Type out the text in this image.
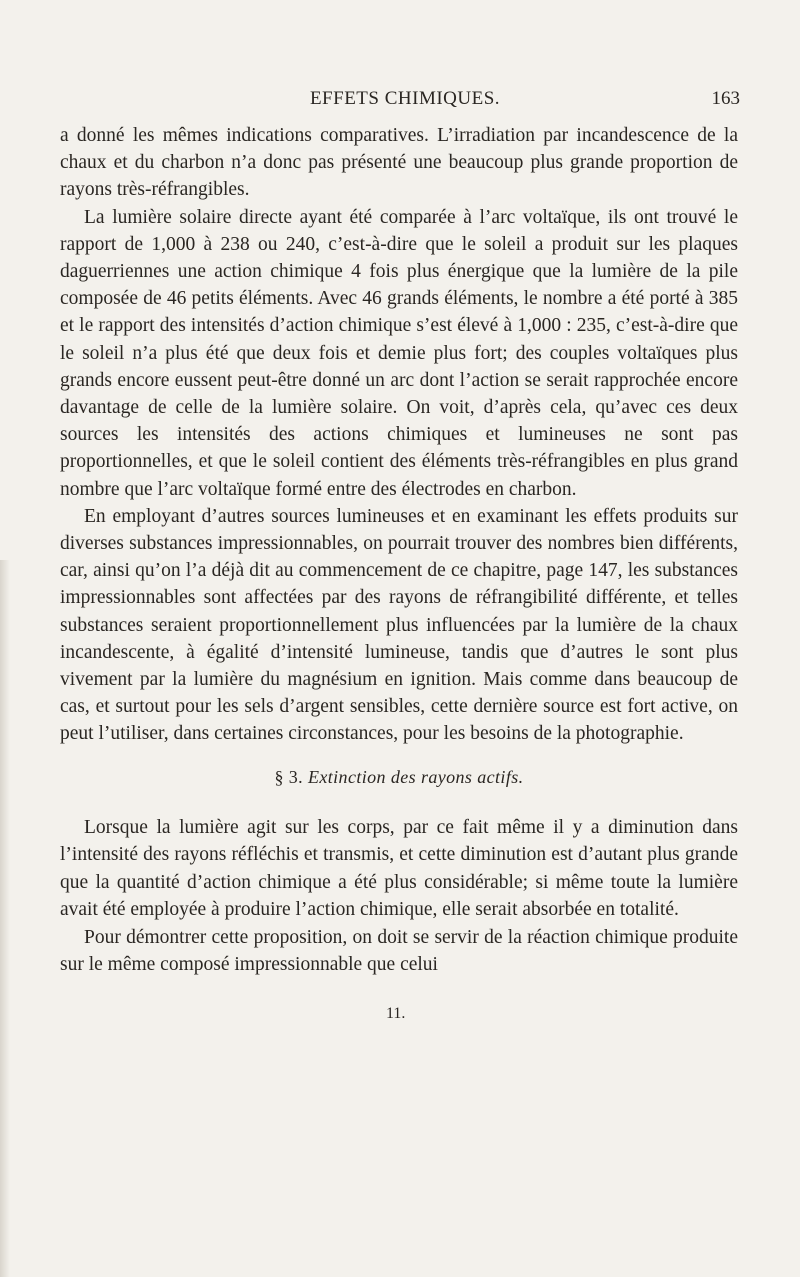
EFFETS CHIMIQUES.	163

a donné les mêmes indications comparatives. L’irradiation par incandescence de la chaux et du charbon n’a donc pas présenté une beaucoup plus grande proportion de rayons très-réfrangibles.

La lumière solaire directe ayant été comparée à l’arc voltaïque, ils ont trouvé le rapport de 1,000 à 238 ou 240, c’est-à-dire que le soleil a produit sur les plaques daguerriennes une action chimique 4 fois plus énergique que la lumière de la pile composée de 46 petits éléments. Avec 46 grands éléments, le nombre a été porté à 385 et le rapport des intensités d’action chimique s’est élevé à 1,000 : 235, c’est-à-dire que le soleil n’a plus été que deux fois et demie plus fort; des couples voltaïques plus grands encore eussent peut-être donné un arc dont l’action se serait rapprochée encore davantage de celle de la lumière solaire. On voit, d’après cela, qu’avec ces deux sources les intensités des actions chimiques et lumineuses ne sont pas proportionnelles, et que le soleil contient des éléments très-réfrangibles en plus grand nombre que l’arc voltaïque formé entre des électrodes en charbon.

En employant d’autres sources lumineuses et en examinant les effets produits sur diverses substances impressionnables, on pourrait trouver des nombres bien différents, car, ainsi qu’on l’a déjà dit au commencement de ce chapitre, page 147, les substances impressionnables sont affectées par des rayons de réfrangibilité différente, et telles substances seraient proportionnellement plus influencées par la lumière de la chaux incandescente, à égalité d’intensité lumineuse, tandis que d’autres le sont plus vivement par la lumière du magnésium en ignition. Mais comme dans beaucoup de cas, et surtout pour les sels d’argent sensibles, cette dernière source est fort active, on peut l’utiliser, dans certaines circonstances, pour les besoins de la photographie.

§ 3. Extinction des rayons actifs.

Lorsque la lumière agit sur les corps, par ce fait même il y a diminution dans l’intensité des rayons réfléchis et transmis, et cette diminution est d’autant plus grande que la quantité d’action chimique a été plus considérable; si même toute la lumière avait été employée à produire l’action chimique, elle serait absorbée en totalité.

Pour démontrer cette proposition, on doit se servir de la réaction chimique produite sur le même composé impressionnable que celui

11.
